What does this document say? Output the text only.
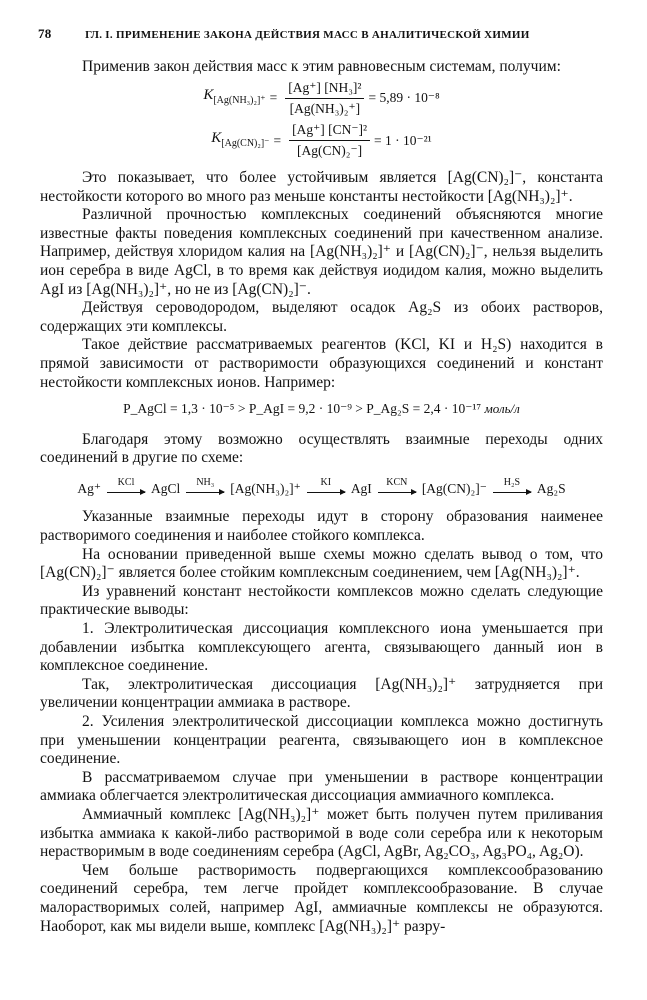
78	ГЛ. I. ПРИМЕНЕНИЕ ЗАКОНА ДЕЙСТВИЯ МАСС В АНАЛИТИЧЕСКОЙ ХИМИИ

Применив закон действия масс к этим равновесным системам, получим:

$K_{[Ag(NH_3)_2]^+} = \frac{\text{[Ag⁺] [NH₃]²}}{\text{[Ag(NH₃)₂⁺]}} = 5,89 \cdot 10^{-8}$
$K_{[Ag(CN)_2]^-} = \frac{\text{[Ag⁺] [CN⁻]²}}{\text{[Ag(CN)₂⁻]}} = 1 \cdot 10^{-21}$

Это показывает, что более устойчивым является [Ag(CN)₂]⁻, константа нестойкости которого во много раз меньше константы нестойкости [Ag(NH₃)₂]⁺.

Различной прочностью комплексных соединений объясняются многие известные факты поведения комплексных соединений при качественном анализе. Например, действуя хлоридом калия на [Ag(NH₃)₂]⁺ и [Ag(CN)₂]⁻, нельзя выделить ион серебра в виде AgCl, в то время как действуя иодидом калия, можно выделить AgI из [Ag(NH₃)₂]⁺, но не из [Ag(CN)₂]⁻.

Действуя сероводородом, выделяют осадок Ag₂S из обоих растворов, содержащих эти комплексы.

Такое действие рассматриваемых реагентов (KCl, KI и H₂S) находится в прямой зависимости от растворимости образующихся соединений и констант нестойкости комплексных ионов. Например:

P_AgCl = 1,3 · 10⁻⁵ > P_AgI = 9,2 · 10⁻⁹ > P_Ag₂S = 2,4 · 10⁻¹⁷ моль/л

Благодаря этому возможно осуществлять взаимные переходы одних соединений в другие по схеме:

Ag⁺ KCl AgCl NH₃ [Ag(NH₃)₂]⁺ KI AgI KCN [Ag(CN)₂]⁻ H₂S Ag₂S

Указанные взаимные переходы идут в сторону образования наименее растворимого соединения и наиболее стойкого комплекса.

На основании приведенной выше схемы можно сделать вывод о том, что [Ag(CN)₂]⁻ является более стойким комплексным соединением, чем [Ag(NH₃)₂]⁺.

Из уравнений констант нестойкости комплексов можно сделать следующие практические выводы:

1. Электролитическая диссоциация комплексного иона уменьшается при добавлении избытка комплексующего агента, связывающего данный ион в комплексное соединение.

Так, электролитическая диссоциация [Ag(NH₃)₂]⁺ затрудняется при увеличении концентрации аммиака в растворе.

2. Усиления электролитической диссоциации комплекса можно достигнуть при уменьшении концентрации реагента, связывающего ион в комплексное соединение.

В рассматриваемом случае при уменьшении в растворе концентрации аммиака облегчается электролитическая диссоциация аммиачного комплекса.

Аммиачный комплекс [Ag(NH₃)₂]⁺ может быть получен путем приливания избытка аммиака к какой-либо растворимой в воде соли серебра или к некоторым нерастворимым в воде соединениям серебра (AgCl, AgBr, Ag₂CO₃, Ag₃PO₄, Ag₂O).

Чем больше растворимость подвергающихся комплексообразованию соединений серебра, тем легче пройдет комплексообразование. В случае малорастворимых солей, например AgI, аммиачные комплексы не образуются. Наоборот, как мы видели выше, комплекс [Ag(NH₃)₂]⁺ разру-
